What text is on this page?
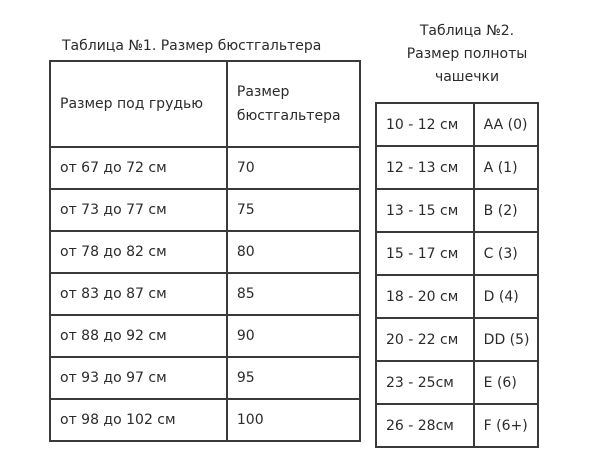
Таблица №1. Размер бюстгальтера
Таблица №2.
Размер полноты
чашечки
Размер под грудью	Размер
бюстгальтера

от 67 до 72 см	70
от 73 до 77 см	75
от 78 до 82 см	80
от 83 до 87 см	85
от 88 до 92 см	90
от 93 до 97 см	95
от 98 до 102 см	100
10 - 12 см	AA (0)
12 - 13 см	A (1)
13 - 15 см	B (2)
15 - 17 см	C (3)
18 - 20 см	D (4)
20 - 22 см	DD (5)
23 - 25см	E (6)
26 - 28см	F (6+)
